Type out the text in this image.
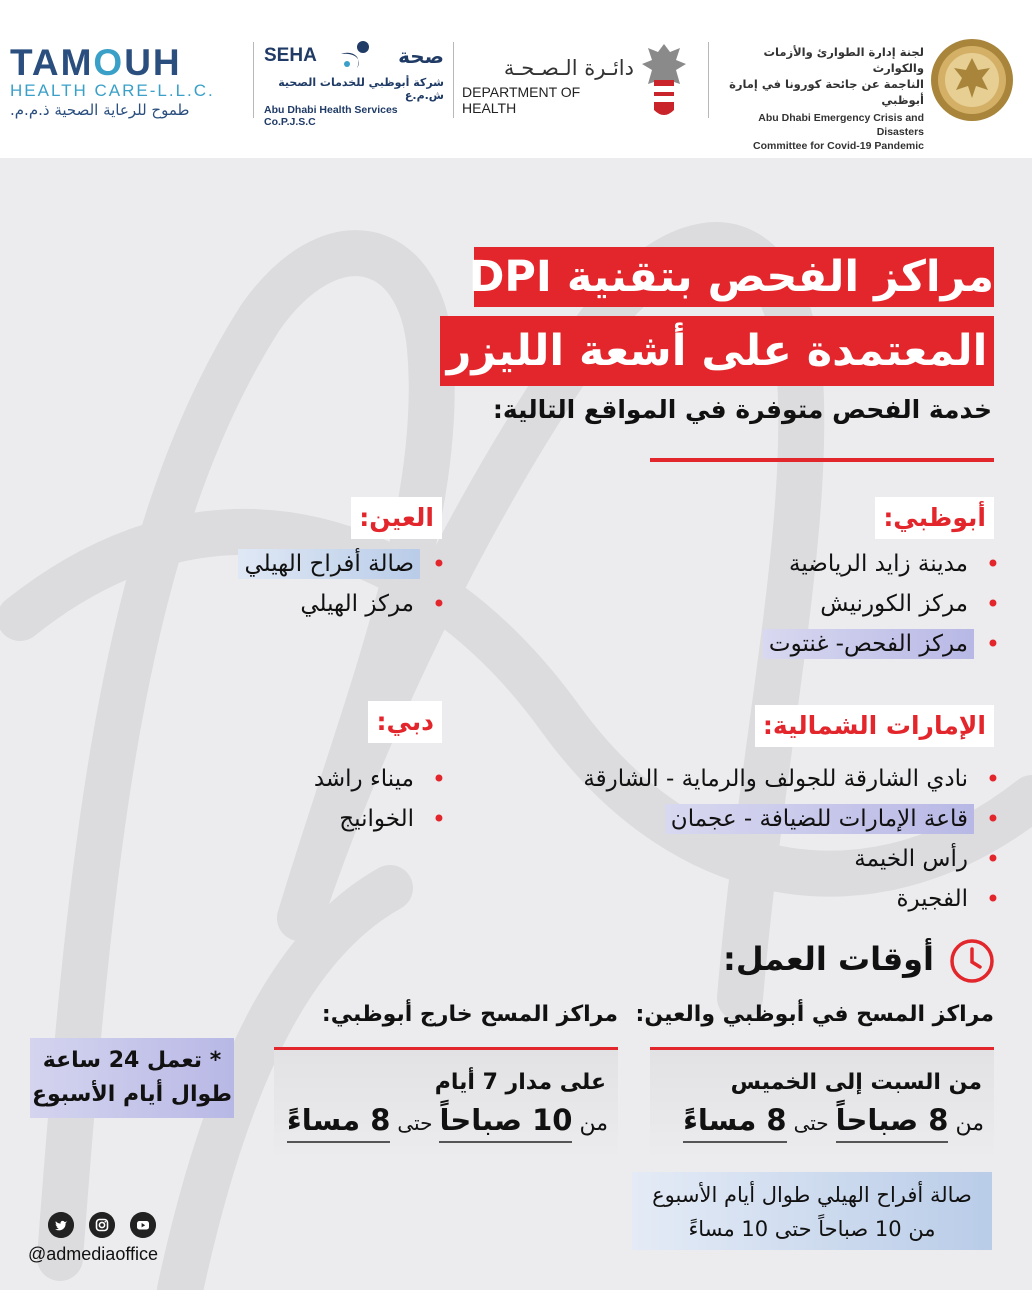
TAMOUH
HEALTH CARE-L.L.C.
طموح للرعاية الصحية ذ.م.م.
SEHA	صحة
شركة أبوظبي للخدمات الصحية ش.م.ع
Abu Dhabi Health Services Co.P.J.S.C
دائـرة الـصـحـة
DEPARTMENT OF HEALTH
لجنة إدارة الطوارئ والأزمات والكوارث
الناجمة عن جائحة كورونا في إمارة أبوظبي
Abu Dhabi Emergency Crisis and Disasters
Committee for Covid-19 Pandemic
مراكز الفحص بتقنية DPI
المعتمدة على أشعة الليزر
خدمة الفحص متوفرة في المواقع التالية:
أبوظبي:
•
مدينة زايد الرياضية
•
مركز الكورنيش
•
مركز الفحص- غنتوت
العين:
•
صالة أفراح الهيلي
•
مركز الهيلي
الإمارات الشمالية:
•
نادي الشارقة للجولف والرماية - الشارقة
•
قاعة الإمارات للضيافة - عجمان
•
رأس الخيمة
•
الفجيرة
دبي:
•
ميناء راشد
•
الخوانيج
أوقات العمل:
مراكز المسح في أبوظبي والعين:
مراكز المسح خارج أبوظبي:
من السبت إلى الخميس
من 8 صباحاً حتى 8 مساءً
على مدار 7 أيام
من 10 صباحاً حتى 8 مساءً
* تعمل 24 ساعة
طوال أيام الأسبوع
صالة أفراح الهيلي طوال أيام الأسبوع
من 10 صباحاً حتى 10 مساءً
@admediaoffice
